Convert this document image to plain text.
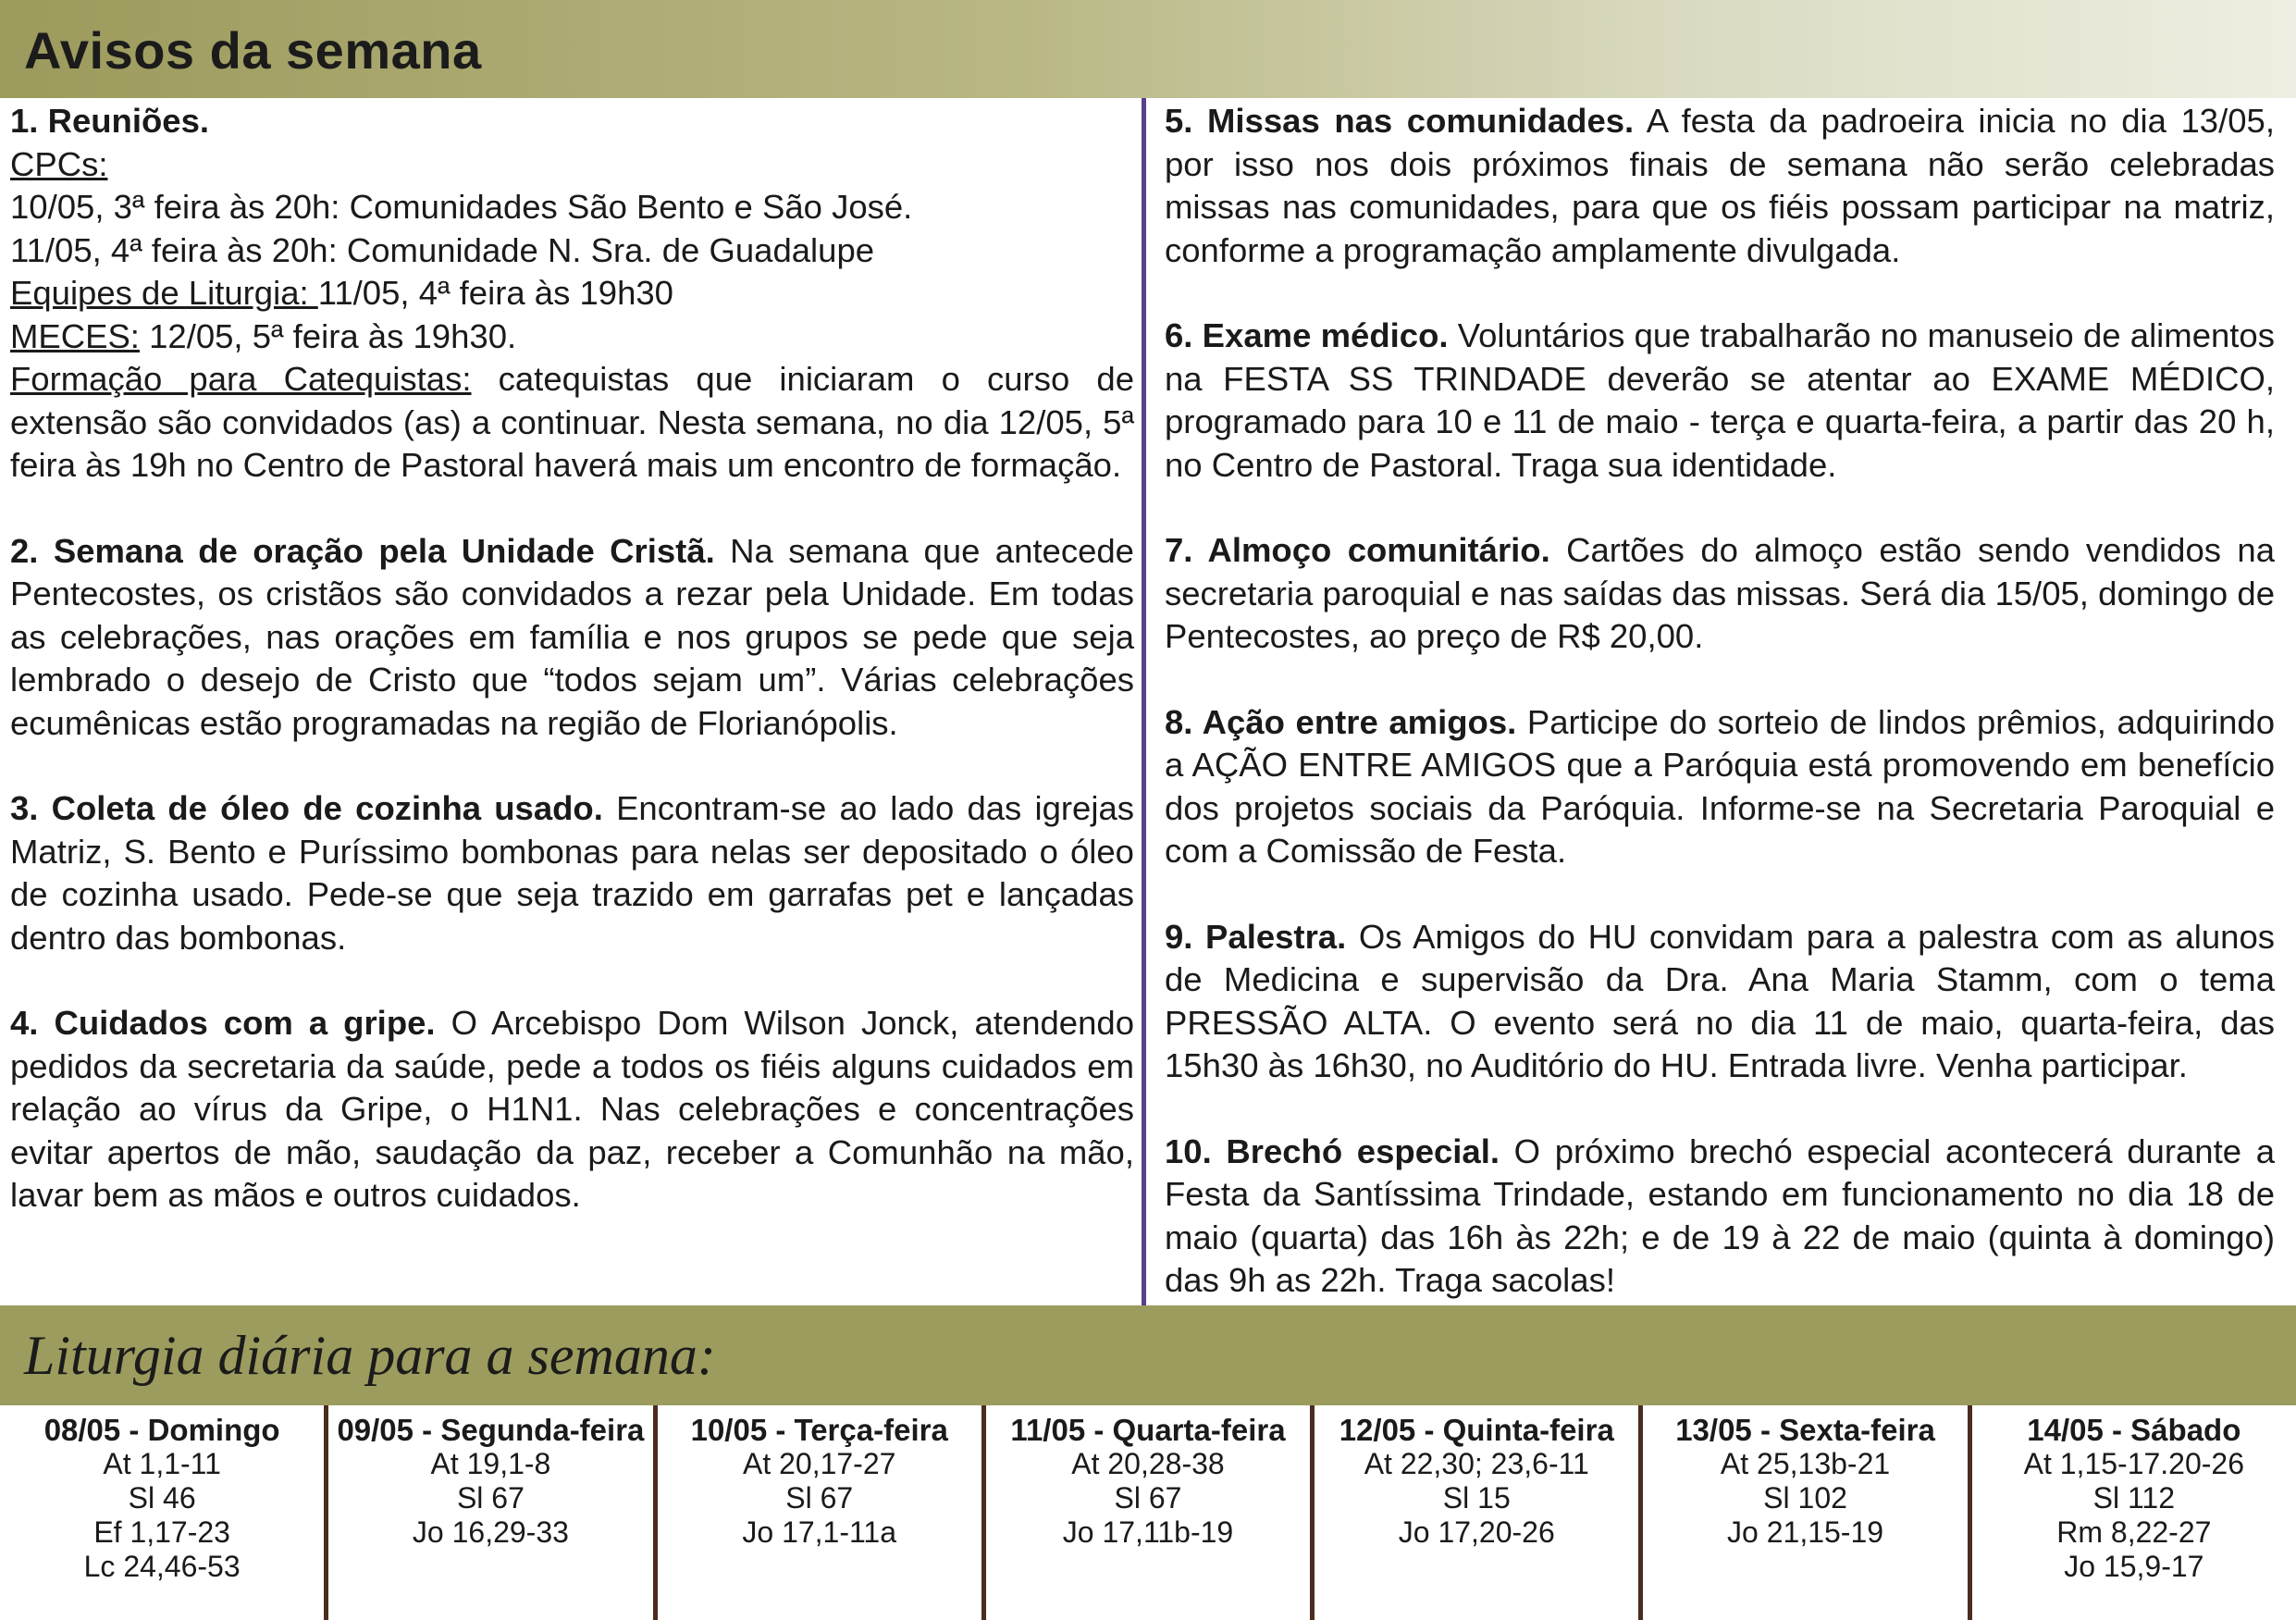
Avisos da semana

1. Reuniões.

CPCs:

10/05, 3ª feira às 20h: Comunidades São Bento e São José.

11/05, 4ª feira às 20h: Comunidade N. Sra. de Guadalupe

Equipes de Liturgia: 11/05, 4ª feira às 19h30

MECES: 12/05, 5ª feira às 19h30.

Formação para Catequistas: catequistas que iniciaram o curso de extensão são convidados (as) a continuar. Nesta semana, no dia 12/05, 5ª feira às 19h no Centro de Pastoral haverá mais um encontro de formação.

2. Semana de oração pela Unidade Cristã. Na semana que antecede Pentecostes, os cristãos são convidados a rezar pela Unidade. Em todas as celebrações, nas orações em família e nos grupos se pede que seja lembrado o desejo de Cristo que “todos sejam um”. Várias celebrações ecumênicas estão programadas na região de Florianópolis.

3. Coleta de óleo de cozinha usado. Encontram-se ao lado das igrejas Matriz, S. Bento e Puríssimo bombonas para nelas ser depositado o óleo de cozinha usado. Pede-se que seja trazido em garrafas pet e lançadas dentro das bombonas.

4. Cuidados com a gripe. O Arcebispo Dom Wilson Jonck, atendendo pedidos da secretaria da saúde, pede a todos os fiéis alguns cuidados em relação ao vírus da Gripe, o H1N1. Nas celebrações e concentrações evitar apertos de mão, saudação da paz, receber a Comunhão na mão, lavar bem as mãos e outros cuidados.

5. Missas nas comunidades. A festa da padroeira inicia no dia 13/05, por isso nos dois próximos finais de semana não serão celebradas missas nas comunidades, para que os fiéis possam participar na matriz, conforme a programação amplamente divulgada.

6. Exame médico. Voluntários que trabalharão no manuseio de alimentos na FESTA SS TRINDADE deverão se atentar ao EXAME MÉDICO, programado para 10 e 11 de maio - terça e quarta-feira, a partir das 20 h, no Centro de Pastoral. Traga sua identidade.

7. Almoço comunitário. Cartões do almoço estão sendo vendidos na secretaria paroquial e nas saídas das missas. Será dia 15/05, domingo de Pentecostes, ao preço de R$ 20,00.

8. Ação entre amigos. Participe do sorteio de lindos prêmios, adquirindo a AÇÃO ENTRE AMIGOS que a Paróquia está promovendo em benefício dos projetos sociais da Paróquia. Informe-se na Secretaria Paroquial e com a Comissão de Festa.

9. Palestra. Os Amigos do HU convidam para a palestra com as alunos de Medicina e supervisão da Dra. Ana Maria Stamm, com o tema PRESSÃO ALTA. O evento será no dia 11 de maio, quarta-feira, das 15h30 às 16h30, no Auditório do HU. Entrada livre. Venha participar.

10. Brechó especial. O próximo brechó especial acontecerá durante a Festa da Santíssima Trindade, estando em funcionamento no dia 18 de maio (quarta) das 16h às 22h; e de 19 à 22 de maio (quinta à domingo) das 9h as 22h. Traga sacolas!

Liturgia diária para a semana:
08/05 - Domingo
At 1,1-11
Sl 46
Ef 1,17-23
Lc 24,46-53
09/05 - Segunda-feira
At 19,1-8
Sl 67
Jo 16,29-33
10/05 - Terça-feira
At 20,17-27
Sl 67
Jo 17,1-11a
11/05 - Quarta-feira
At 20,28-38
Sl 67
Jo 17,11b-19
12/05 - Quinta-feira
At 22,30; 23,6-11
Sl 15
Jo 17,20-26
13/05 - Sexta-feira
At 25,13b-21
Sl 102
Jo 21,15-19
14/05 - Sábado
At 1,15-17.20-26
Sl 112
Rm 8,22-27
Jo 15,9-17
